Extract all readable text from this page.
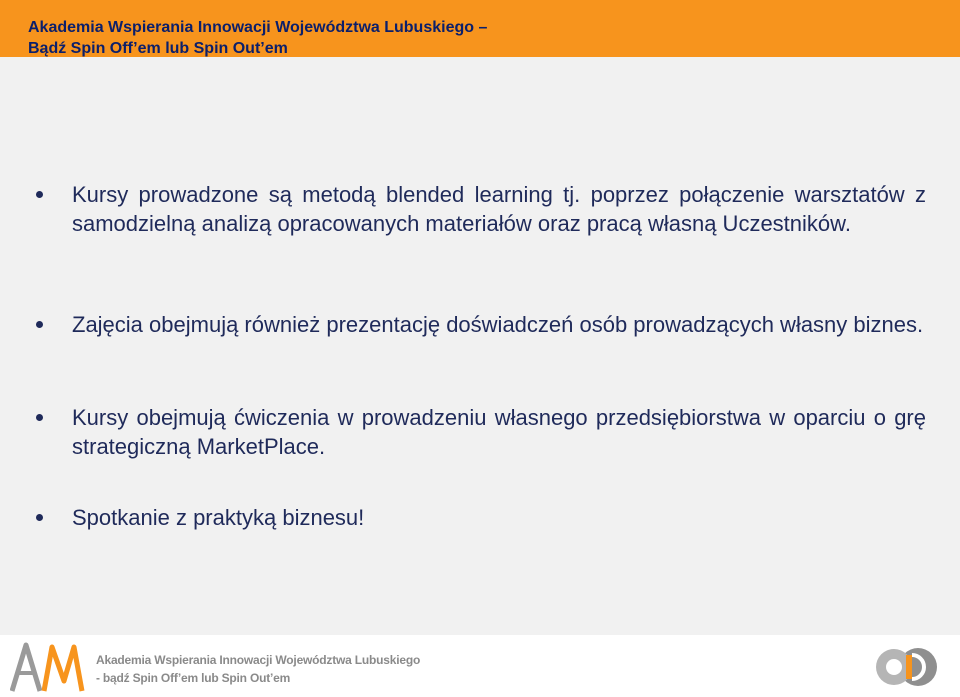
Akademia Wspierania Innowacji Województwa Lubuskiego –
Bądź Spin Off’em lub Spin Out’em
Kursy prowadzone są metodą blended learning tj. poprzez połączenie warsztatów z samodzielną analizą opracowanych materiałów oraz pracą własną Uczestników.
Zajęcia obejmują również prezentację doświadczeń osób prowadzących własny biznes.
Kursy obejmują ćwiczenia w prowadzeniu własnego przedsiębiorstwa w oparciu o grę strategiczną MarketPlace.
Spotkanie z praktyką biznesu!
Akademia Wspierania Innowacji Województwa Lubuskiego
- bądź Spin Off’em lub Spin Out’em
